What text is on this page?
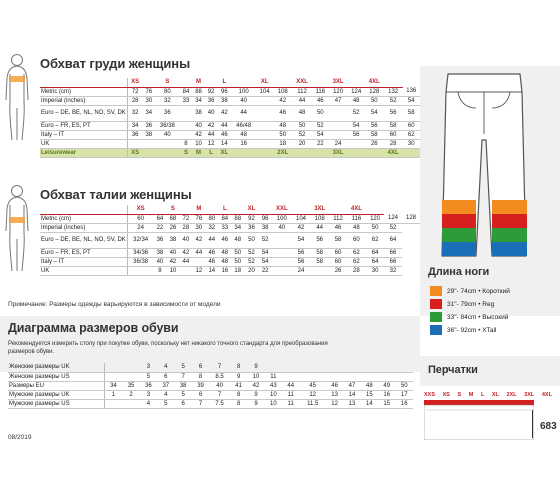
Обхват груди женщины
	XS		S		M		L		XL		XXL		3XL		4XL		
Metric (cm)	72	76	80	84	88	92	96	100	104	108	112	116	120	124	128	132	136
Imperial (inches)	28	30	32	33	34	36	38	40		42	44	46	47	48	50	52	54
Euro – DE, BE, NL, NO, SV, DK	32	34	36		38	40	42	44		46	48	50		52	54	56	58
Euro – FR, ES, PT	34	36	36/38		40	42	44	46/48		48	50	52		54	56	58	60
Italy – IT	36	38	40		42	44	46	48		50	52	54		56	58	60	62
UK				8	10	12	14	16		18	20	22	24		26	28	30
Leisurewear	XS			S	M	L	XL			2XL			3XL			4XL	
Обхват талии женщины
	XS		S		M		L		XL		XXL		3XL		4XL			
Metric (cm)	60	64	68	72	76	80	84	88	92	96	100	104	108	112	116	120	124	128
Imperial (inches)	24	22	26	28	30	32	33	34	36	38	40	42	44	46	48	50	52	
Euro – DE, BE, NL, NO, SV, DK	32/34	36	38	40	42	44	46	48	50	52		54	56	58	60	62	64	
Euro – FR, ES, PT	34/36	38	40	42	44	46	48	50	52	54		56	58	60	62	64	66	
Italy – IT	36/38	40	42	44		46	48	50	52	54		56	58	60	62	64	66	
UK		8	10		12	14	16	18	20	22		24		26	28	30	32	
Примечание: Размеры одежды варьируются в зависимости от модели
Диаграмма размеров обуви
Рекомендуется измерить стопу при покупке обуви, поскольку нет никакого точного стандарта для преобразования размеров обуви.
Женские размеры UK			3	4	5	6	7	8	9								
Женские размеры US			5	6	7	8	8.5	9	10	11							
Размеры EU	34	35	36	37	38	39	40	41	42	43	44	45	46	47	48	49	50
Мужские размеры UK	1	2	3	4	5	6	7	8	9	10	11	12	13	14	15	16	17
Мужские размеры US			4	5	6	7	7.5	8	9	10	11	11.5	12	13	14	15	16
Длина ноги
29"- 74cm • Короткий
31"- 79cm • Reg
33"- 84cm • Высокий
36"- 92cm • XTall
Перчатки
XXS XS S M L XL 2XL 3XL 4XL
683
08/2019
